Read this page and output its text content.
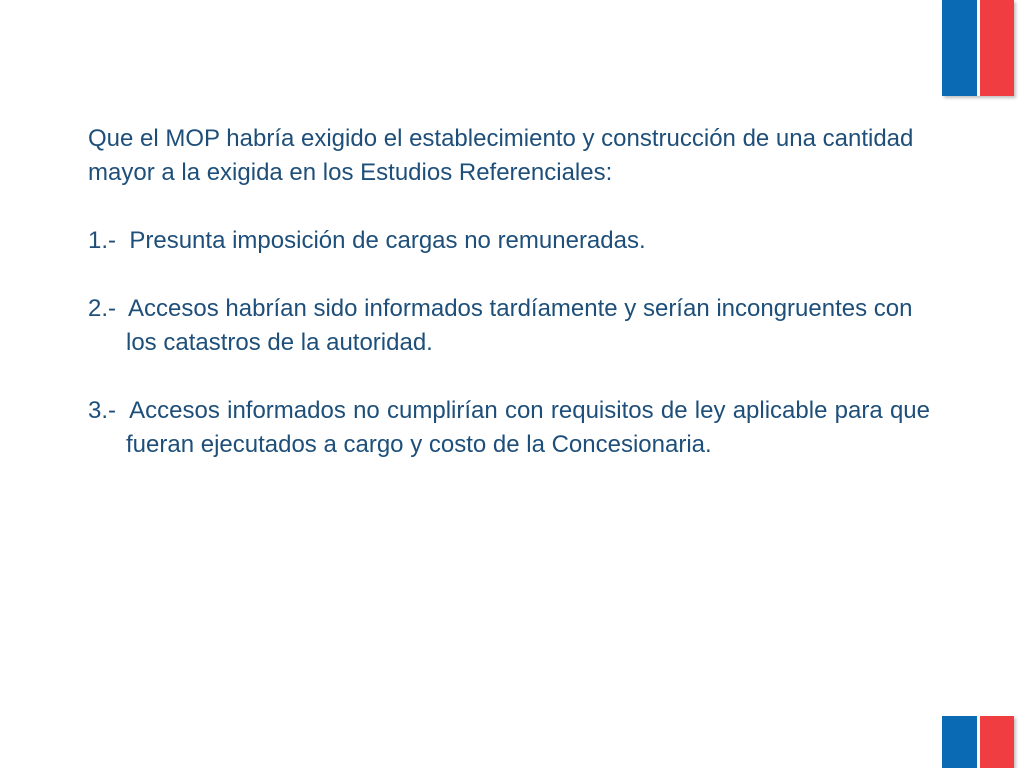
Que el MOP habría exigido el establecimiento y construcción de una cantidad mayor a la exigida en los Estudios Referenciales:

1.- Presunta imposición de cargas no remuneradas.

2.- Accesos habrían sido informados tardíamente y serían incongruentes con los catastros de la autoridad.

3.- Accesos informados no cumplirían con requisitos de ley aplicable para que fueran ejecutados a cargo y costo de la Concesionaria.
